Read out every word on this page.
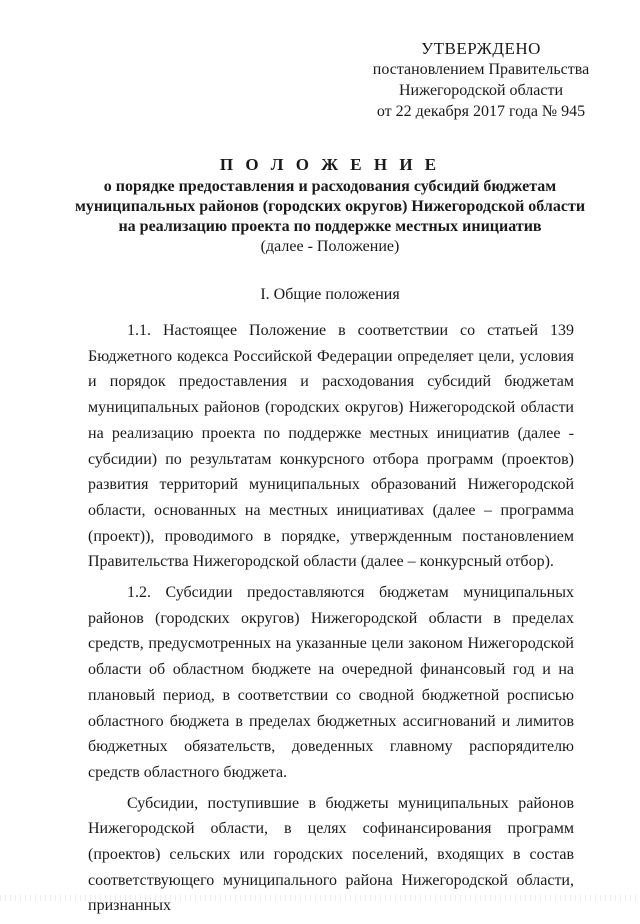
УТВЕРЖДЕНО
постановлением Правительства
Нижегородской области
от 22 декабря 2017 года № 945
П О Л О Ж Е Н И Е
о порядке предоставления и расходования субсидий бюджетам
муниципальных районов (городских округов) Нижегородской области
на реализацию проекта по поддержке местных инициатив
(далее - Положение)
I. Общие положения

1.1. Настоящее Положение в соответствии со статьей 139 Бюджетного кодекса Российской Федерации определяет цели, условия и порядок предоставления и расходования субсидий бюджетам муниципальных районов (городских округов) Нижегородской области на реализацию проекта по поддержке местных инициатив (далее - субсидии) по результатам конкурсного отбора программ (проектов) развития территорий муниципальных образований Нижегородской области, основанных на местных инициативах (далее – программа (проект)), проводимого в порядке, утвержденным постановлением Правительства Нижегородской области (далее – конкурсный отбор).

1.2. Субсидии предоставляются бюджетам муниципальных районов (городских округов) Нижегородской области в пределах средств, предусмотренных на указанные цели законом Нижегородской области об областном бюджете на очередной финансовый год и на плановый период, в соответствии со сводной бюджетной росписью областного бюджета в пределах бюджетных ассигнований и лимитов бюджетных обязательств, доведенных главному распорядителю средств областного бюджета.

Субсидии, поступившие в бюджеты муниципальных районов Нижегородской области, в целях софинансирования программ (проектов) сельских или городских поселений, входящих в состав соответствующего муниципального района Нижегородской области, признанных
